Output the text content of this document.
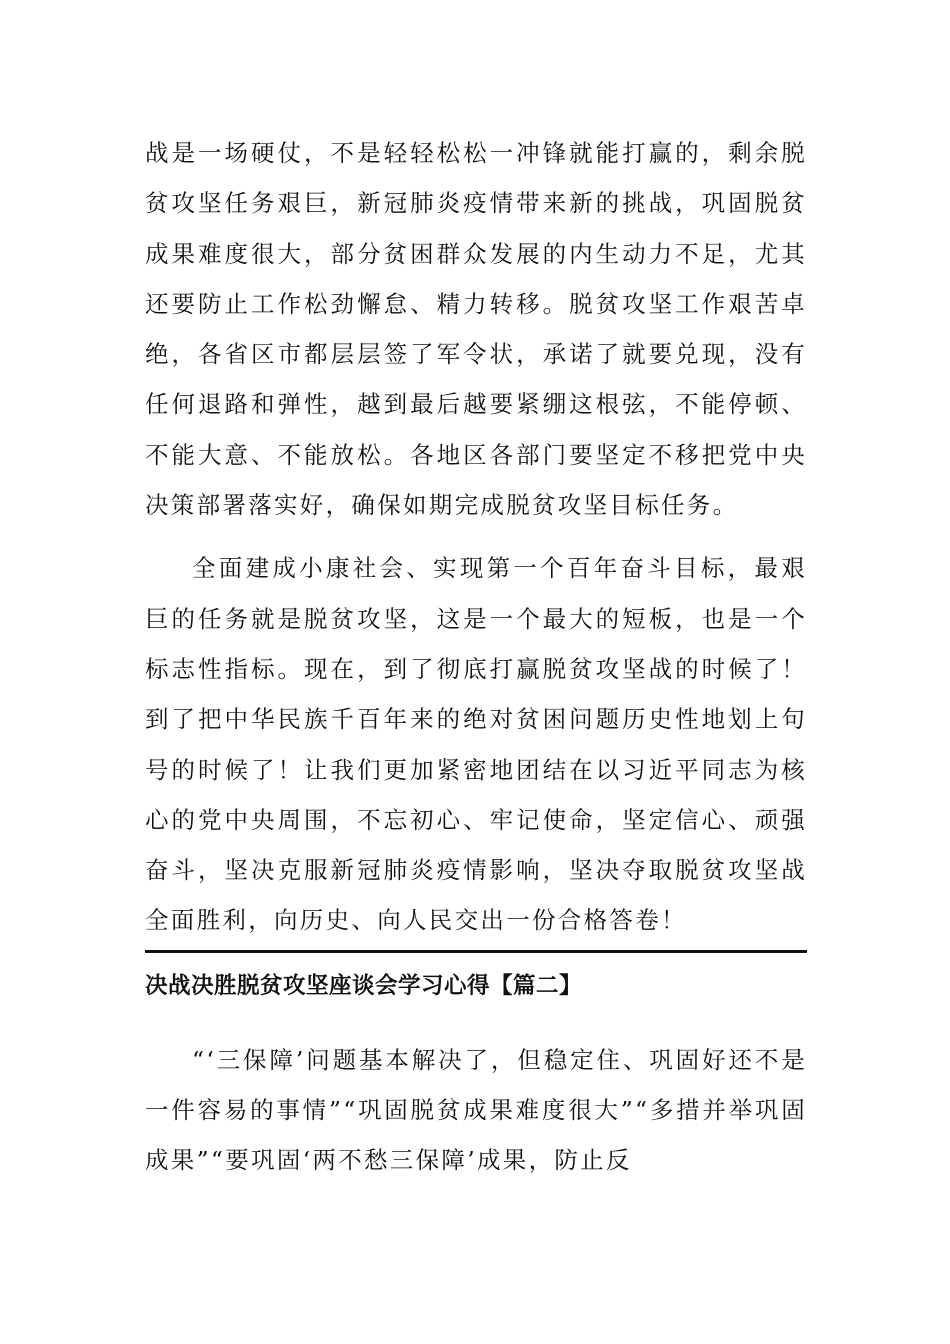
战是一场硬仗，不是轻轻松松一冲锋就能打赢的，剩余脱贫攻坚任务艰巨，新冠肺炎疫情带来新的挑战，巩固脱贫成果难度很大，部分贫困群众发展的内生动力不足，尤其还要防止工作松劲懈怠、精力转移。脱贫攻坚工作艰苦卓绝，各省区市都层层签了军令状，承诺了就要兑现，没有任何退路和弹性，越到最后越要紧绷这根弦，不能停顿、不能大意、不能放松。各地区各部门要坚定不移把党中央决策部署落实好，确保如期完成脱贫攻坚目标任务。

全面建成小康社会、实现第一个百年奋斗目标，最艰巨的任务就是脱贫攻坚，这是一个最大的短板，也是一个标志性指标。现在，到了彻底打赢脱贫攻坚战的时候了！到了把中华民族千百年来的绝对贫困问题历史性地划上句号的时候了！让我们更加紧密地团结在以习近平同志为核心的党中央周围，不忘初心、牢记使命，坚定信心、顽强奋斗，坚决克服新冠肺炎疫情影响，坚决夺取脱贫攻坚战全面胜利，向历史、向人民交出一份合格答卷！

决战决胜脱贫攻坚座谈会学习心得【篇二】

“‘三保障’问题基本解决了，但稳定住、巩固好还不是一件容易的事情”“巩固脱贫成果难度很大”“多措并举巩固成果”“要巩固‘两不愁三保障’成果，防止反
